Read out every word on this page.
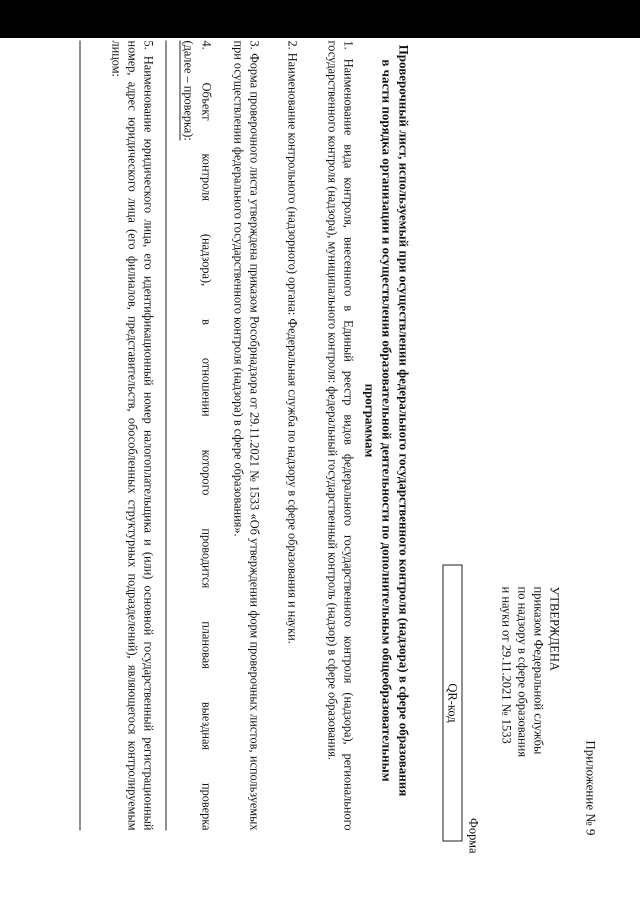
Приложение № 9
УТВЕРЖДЕНА
приказом Федеральной службы
по надзору в сфере образования
и науки от 29.11.2021 № 1533
Форма
QR-код
Проверочный лист, используемый при осуществлении федерального государственного контроля (надзора) в сфере образования в части порядка организации и осуществления образовательной деятельности по дополнительным общеобразовательным программам
1. Наименование вида контроля, внесенного в Единый реестр видов федерального государственного контроля (надзора), регионального государственного контроля (надзора), муниципального контроля: федеральный государственный контроль (надзор) в сфере образования.
2. Наименование контрольного (надзорного) органа: Федеральная служба по надзору в сфере образования и науки.
3. Форма проверочного листа утверждена приказом Рособрнадзора от 29.11.2021 № 1533 «Об утверждении форм проверочных листов, используемых при осуществлении федерального государственного контроля (надзора) в сфере образования».
4. Объект контроля (надзора), в отношении которого проводится плановая выездная проверка
(далее – проверка):
5. Наименование юридического лица, его идентификационный номер налогоплательщика и (или) основной государственный регистрационный номер, адрес юридического лица (его филиалов, представительств, обособленных структурных подразделений), являющегося контролируемым лицом:
